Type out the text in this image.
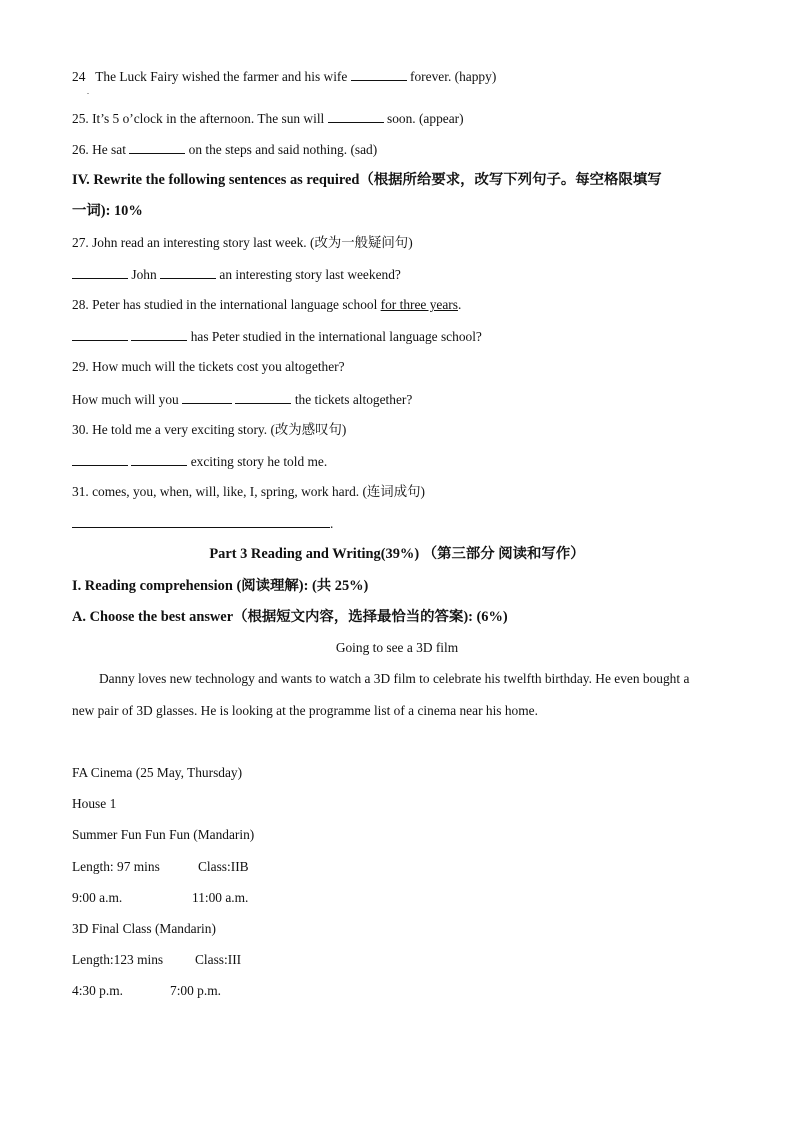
24 The Luck Fairy wished the farmer and his wife	forever. (happy)
.
25. It’s 5 o’clock in the afternoon. The sun will	soon. (appear)
26. He sat	on the steps and said nothing. (sad)
IV. Rewrite the following sentences as required（根据所给要求，改写下列句子。每空格限填写
一词): 10%
27. John read an interesting story last week. (改为一般疑问句)
John	an interesting story last weekend?
28. Peter has studied in the international language school for three years.
has Peter studied in the international language school?
29. How much will the tickets cost you altogether?
How much will you	the tickets altogether?
30. He told me a very exciting story. (改为感叹句)
exciting story he told me.
31. comes, you, when, will, like, I, spring, work hard. (连词成句)
.
Part 3 Reading and Writing(39%) （第三部分 阅读和写作）
I. Reading comprehension (阅读理解): (共 25%)
A. Choose the best answer（根据短文内容，选择最恰当的答案): (6%)
Going to see a 3D film
Danny loves new technology and wants to watch a 3D film to celebrate his twelfth birthday. He even bought a
new pair of 3D glasses. He is looking at the programme list of a cinema near his home.
FA Cinema (25 May, Thursday)
House 1
Summer Fun Fun Fun (Mandarin)
Length: 97 mins	Class:IIB
9:00 a.m.	11:00 a.m.
3D Final Class (Mandarin)
Length:123 mins Class:III
4:30 p.m.	7:00 p.m.
